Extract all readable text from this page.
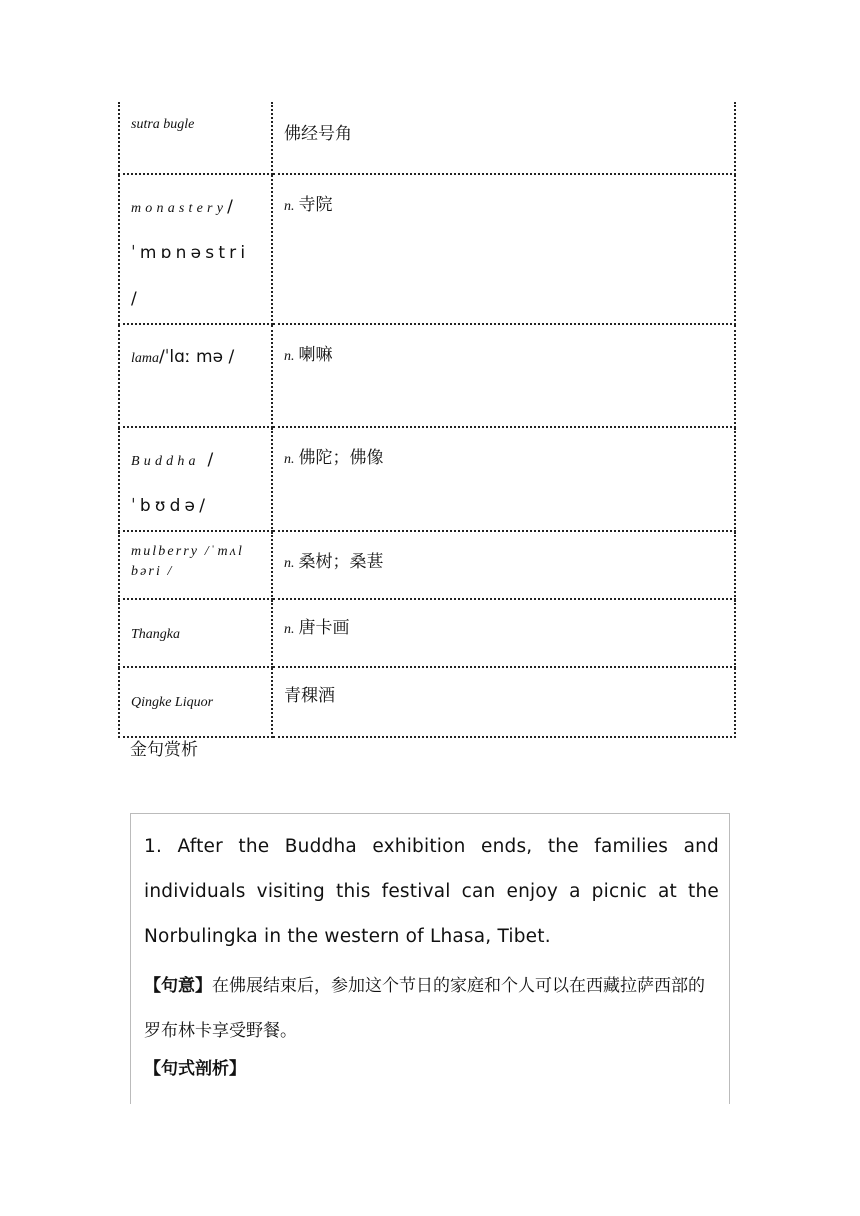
sutra bugle	佛经号角

monastery/ˈmɒnəstri /	n. 寺院

lama/ˈlɑː mə /	n. 喇嘛

Buddha /ˈbʊdə/	n. 佛陀；佛像

mulberry /ˈmʌl bəri /	n. 桑树；桑葚

Thangka	n. 唐卡画

Qingke Liquor	青稞酒
金句赏析
1. After the Buddha exhibition ends, the families and individuals visiting this festival can enjoy a picnic at the Norbulingka in the western of Lhasa, Tibet.
【句意】在佛展结束后，参加这个节日的家庭和个人可以在西藏拉萨西部的罗布林卡享受野餐。
【句式剖析】
